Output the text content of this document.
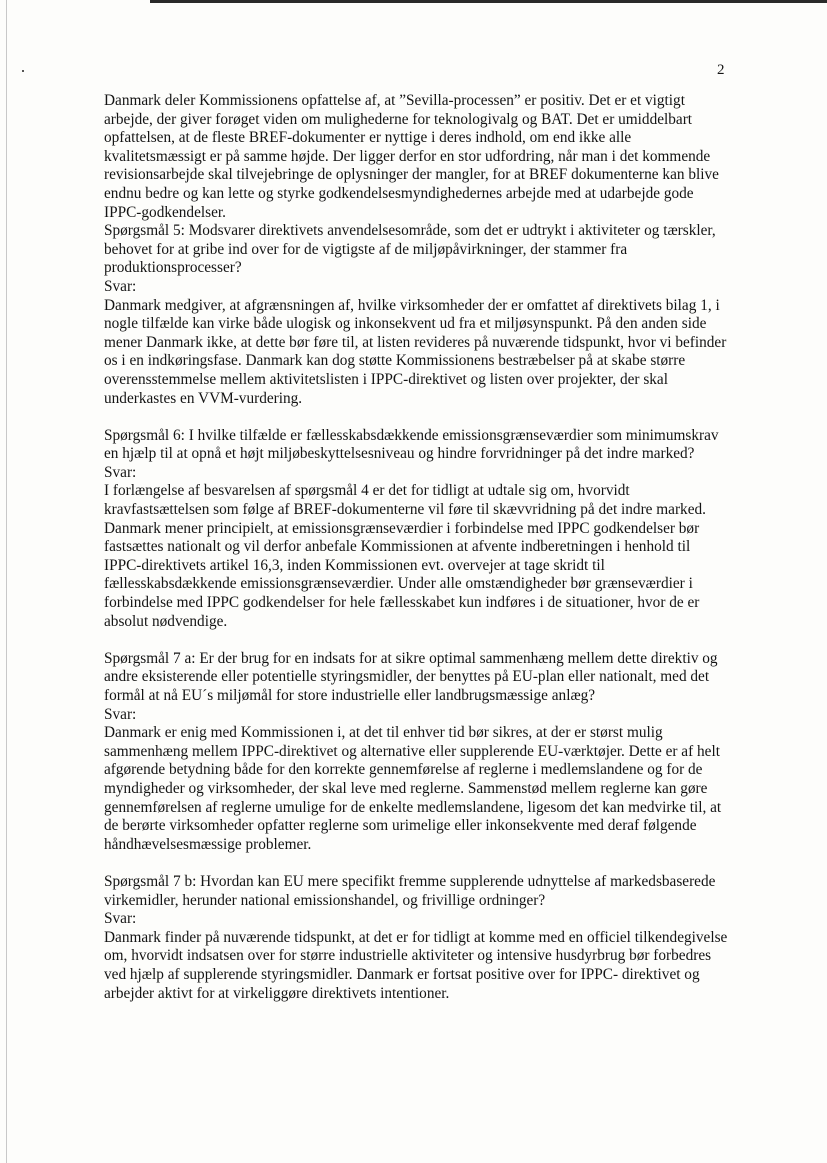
2

Danmark deler Kommissionens opfattelse af, at ”Sevilla-processen” er positiv. Det er et vigtigt arbejde, der giver forøget viden om mulighederne for teknologivalg og BAT. Det er umiddelbart opfattelsen, at de fleste BREF-dokumenter er nyttige i deres indhold, om end ikke alle kvalitetsmæssigt er på samme højde. Der ligger derfor en stor udfordring, når man i det kommende revisionsarbejde skal tilvejebringe de oplysninger der mangler, for at BREF dokumenterne kan blive endnu bedre og kan lette og styrke godkendelsesmyndighedernes arbejde med at udarbejde gode IPPC-godkendelser.

Spørgsmål 5: Modsvarer direktivets anvendelsesområde, som det er udtrykt i aktiviteter og tærskler, behovet for at gribe ind over for de vigtigste af de miljøpåvirkninger, der stammer fra produktionsprocesser?

Svar:

Danmark medgiver, at afgrænsningen af, hvilke virksomheder der er omfattet af direktivets bilag 1, i nogle tilfælde kan virke både ulogisk og inkonsekvent ud fra et miljøsynspunkt. På den anden side mener Danmark ikke, at dette bør føre til, at listen revideres på nuværende tidspunkt, hvor vi befinder os i en indkøringsfase. Danmark kan dog støtte Kommissionens bestræbelser på at skabe større overensstemmelse mellem aktivitetslisten i IPPC-direktivet og listen over projekter, der skal underkastes en VVM-vurdering.

Spørgsmål 6: I hvilke tilfælde er fællesskabsdækkende emissionsgrænseværdier som minimumskrav en hjælp til at opnå et højt miljøbeskyttelsesniveau og hindre forvridninger på det indre marked?

Svar:

I forlængelse af besvarelsen af spørgsmål 4 er det for tidligt at udtale sig om, hvorvidt kravfastsættelsen som følge af BREF-dokumenterne vil føre til skævvridning på det indre marked. Danmark mener principielt, at emissionsgrænseværdier i forbindelse med IPPC godkendelser bør fastsættes nationalt og vil derfor anbefale Kommissionen at afvente indberetningen i henhold til IPPC-direktivets artikel 16,3, inden Kommissionen evt. overvejer at tage skridt til fællesskabsdækkende emissionsgrænseværdier. Under alle omstændigheder bør grænseværdier i forbindelse med IPPC godkendelser for hele fællesskabet kun indføres i de situationer, hvor de er absolut nødvendige.

Spørgsmål 7 a: Er der brug for en indsats for at sikre optimal sammenhæng mellem dette direktiv og andre eksisterende eller potentielle styringsmidler, der benyttes på EU-plan eller nationalt, med det formål at nå EU´s miljømål for store industrielle eller landbrugsmæssige anlæg?

Svar:

Danmark er enig med Kommissionen i, at det til enhver tid bør sikres, at der er størst mulig sammenhæng mellem IPPC-direktivet og alternative eller supplerende EU-værktøjer. Dette er af helt afgørende betydning både for den korrekte gennemførelse af reglerne i medlemslandene og for de myndigheder og virksomheder, der skal leve med reglerne. Sammenstød mellem reglerne kan gøre gennemførelsen af reglerne umulige for de enkelte medlemslandene, ligesom det kan medvirke til, at de berørte virksomheder opfatter reglerne som urimelige eller inkonsekvente med deraf følgende håndhævelsesmæssige problemer.

Spørgsmål 7 b: Hvordan kan EU mere specifikt fremme supplerende udnyttelse af markedsbaserede virkemidler, herunder national emissionshandel, og frivillige ordninger?

Svar:

Danmark finder på nuværende tidspunkt, at det er for tidligt at komme med en officiel tilkendegivelse om, hvorvidt indsatsen over for større industrielle aktiviteter og intensive husdyrbrug bør forbedres ved hjælp af supplerende styringsmidler. Danmark er fortsat positive over for IPPC- direktivet og arbejder aktivt for at virkeliggøre direktivets intentioner.
